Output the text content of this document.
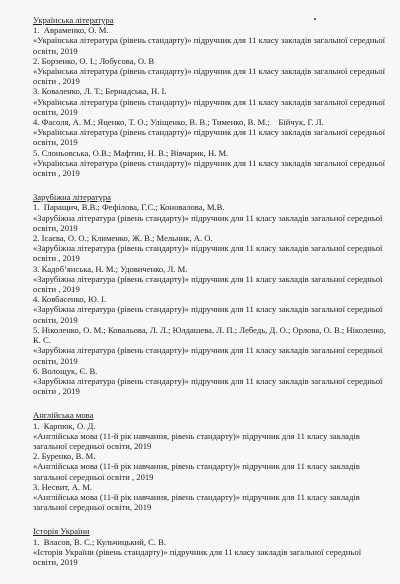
Українська література

1.  Авраменко, О. М.
«Українська література (рівень стандарту)» підручник для 11 класу закладів загальної середньої освіти, 2019
2. Борзенко, О. І.; Лобусова, О. В
«Українська література (рівень стандарту)» підручник для 11 класу закладів загальної середньої освіти , 2019
3. Коваленко, Л. Т.; Бернадська, Н. І.
«Українська література (рівень стандарту)» підручник для 11 класу закладів загальної середньої освіти, 2019
4. Фасоля, А. М.; Яценко, Т. О.; Уліщенко, В. В.; Тименко, В. М.;    Бійчук, Г. Л.
«Українська література (рівень стандарту)» підручник для 11 класу закладів загальної середньої освіти, 2019
5. Слоньовська, О.В.; Мафтин, Н. В.; Вівчарик, Н. М.
«Українська література (рівень стандарту)» підручник для 11 класу закладів загальної середньої освіти , 2019

Зарубіжна література

1.  Паращич, В.В.; Фефілова, Г.С.; Коновалова, М.В.
«Зарубіжна література (рівень стандарту)» підручник для 11 класу закладів загальної середньої освіти, 2019
2. Ісаєва, О. О.; Клименко, Ж. В.; Мельник, А. О.
«Зарубіжна література (рівень стандарту)» підручник для 11 класу закладів загальної середньої освіти , 2019
3. Кадоб’янська, Н. М.; Удовиченко, Л. М.
«Зарубіжна література (рівень стандарту)» підручник для 11 класу закладів загальної середньої освіти , 2019
4. Ковбасенко, Ю. І.
«Зарубіжна література (рівень стандарту)» підручник для 11 класу закладів загальної середньої освіти, 2019
5. Ніколенко, О. М.; Ковальова, Л. Л.; Юлдашева, Л. П.; Лебедь, Д. О.; Орлова, О. В.; Ніколенко, К. С.
«Зарубіжна література (рівень стандарту)» підручник для 11 класу закладів загальної середньої освіти, 2019
6. Волощук, Є. В.
«Зарубіжна література (рівень стандарту)» підручник для 11 класу закладів загальної середньої освіти , 2019

Англійська мова

1.  Карпюк, О. Д.
«Англійська мова (11-й рік навчання, рівень стандарту)» підручник для 11 класу закладів загальної середньої освіти, 2019
2. Буренко, В. М.
«Англійська мова (11-й рік навчання, рівень стандарту)» підручник для 11 класу закладів загальної середньої освіти , 2019
3. Несвит, А. М.
«Англійська мова (11-й рік навчання, рівень стандарту)» підручник для 11 класу закладів загальної середньої освіти, 2019

Історія України

1.  Власов, В. С.; Кульчицький, С. В.
«Історія України (рівень стандарту)» підручник для 11 класу закладів загальної середньої освіти, 2019
